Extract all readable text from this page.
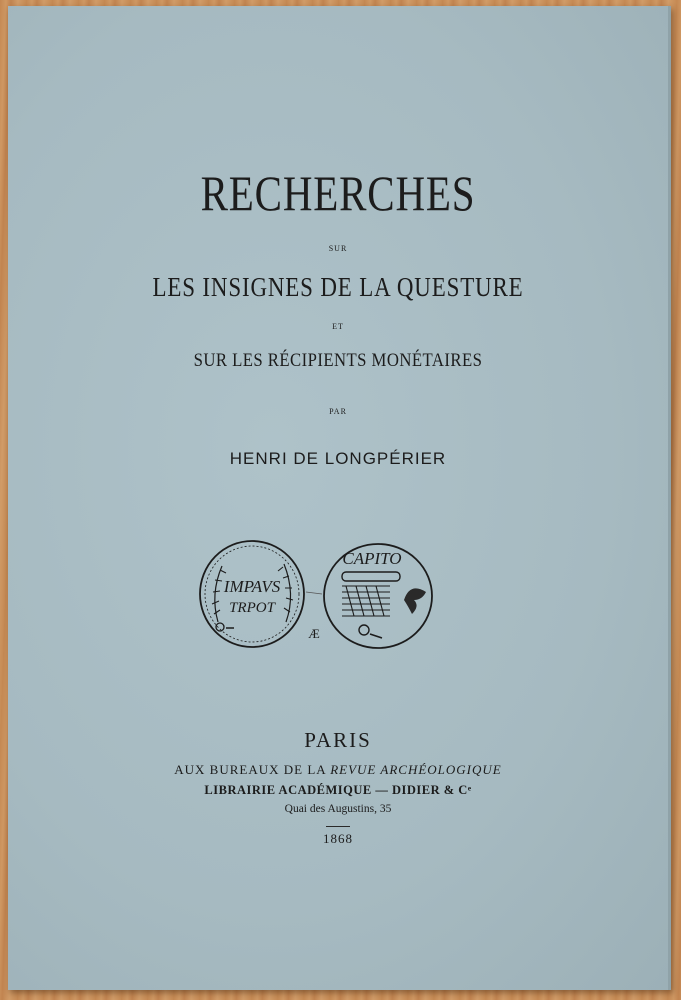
RECHERCHES
SUR
LES INSIGNES DE LA QUESTURE
ET
SUR LES RÉCIPIENTS MONÉTAIRES
PAR
HENRI DE LONGPÉRIER
IMPAVS
TRPOT
CAPITO
Æ
PARIS
AUX BUREAUX DE LA REVUE ARCHÉOLOGIQUE
LIBRAIRIE ACADÉMIQUE — DIDIER & Cᵉ
Quai des Augustins, 35
1868
